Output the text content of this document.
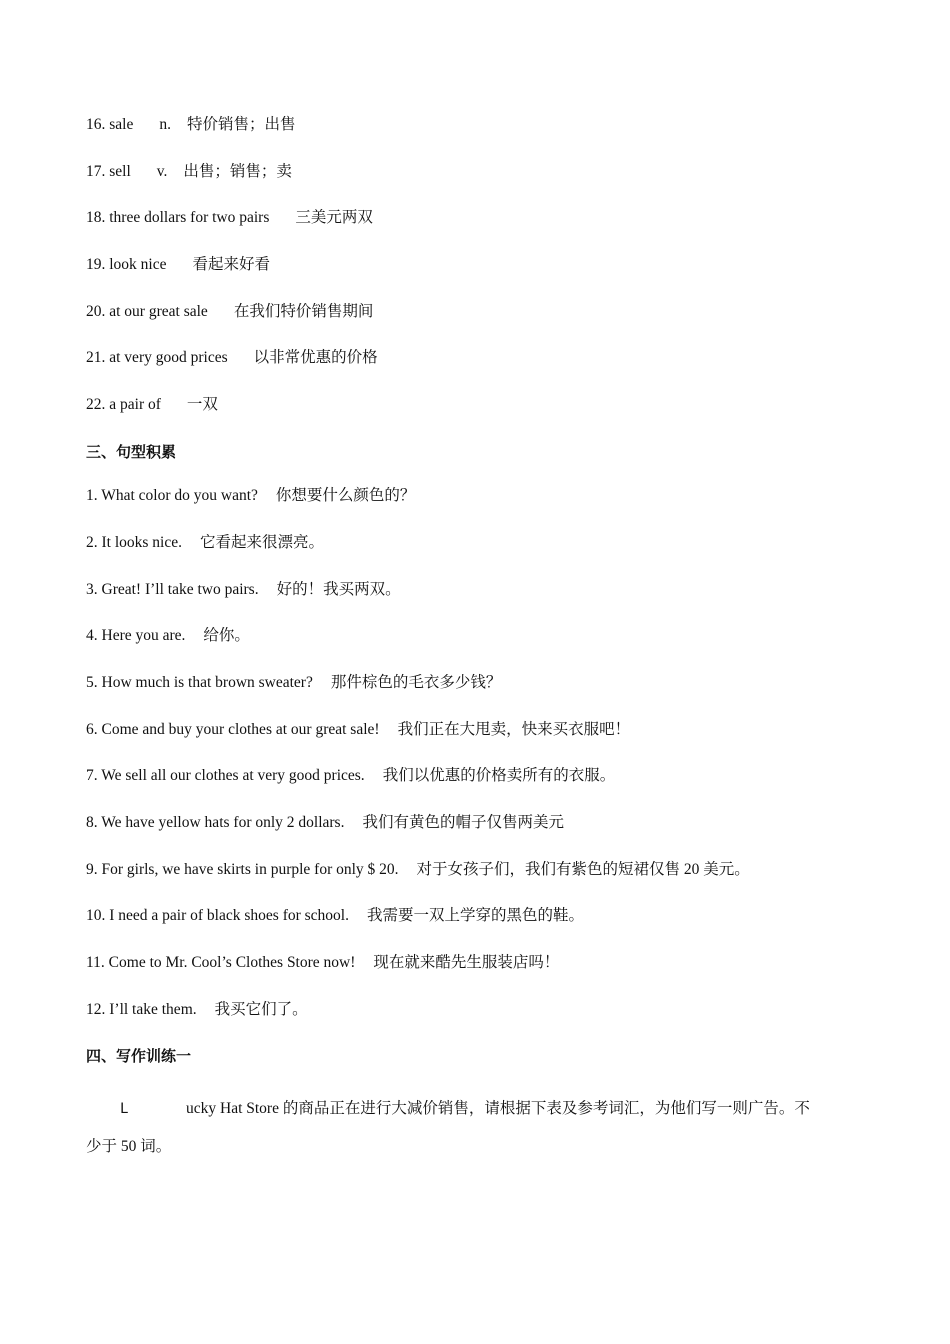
16. sale n. 特价销售；出售
17. sell v. 出售；销售；卖
18. three dollars for two pairs 三美元两双
19. look nice 看起来好看
20. at our great sale 在我们特价销售期间
21. at very good prices 以非常优惠的价格
22. a pair of 一双
三、句型积累
1. What color do you want? 你想要什么颜色的？
2. It looks nice. 它看起来很漂亮。
3. Great! I’ll take two pairs. 好的！我买两双。
4. Here you are. 给你。
5. How much is that brown sweater? 那件棕色的毛衣多少钱？
6. Come and buy your clothes at our great sale! 我们正在大甩卖，快来买衣服吧！
7. We sell all our clothes at very good prices. 我们以优惠的价格卖所有的衣服。
8. We have yellow hats for only 2 dollars. 我们有黄色的帽子仅售两美元
9. For girls, we have skirts in purple for only $ 20. 对于女孩子们，我们有紫色的短裙仅售 20 美元。
10. I need a pair of black shoes for school. 我需要一双上学穿的黑色的鞋。
11. Come to Mr. Cool’s Clothes Store now! 现在就来酷先生服装店吗！
12. I’ll take them. 我买它们了。
四、写作训练一
L	ucky Hat Store 的商品正在进行大减价销售，请根据下表及参考词汇，为他们写一则广告。不
少于 50 词。
